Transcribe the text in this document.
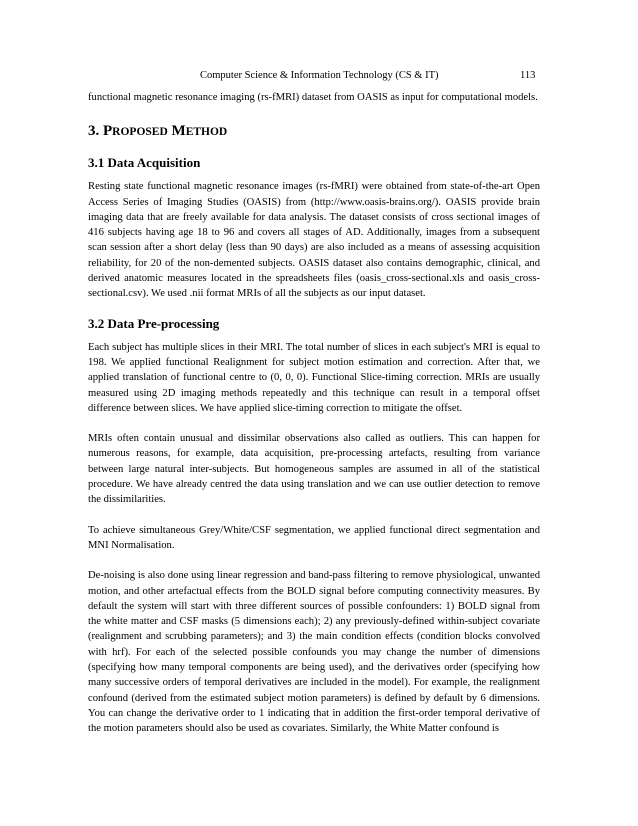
Computer Science & Information Technology (CS & IT)	113

functional magnetic resonance imaging (rs-fMRI) dataset from OASIS as input for computational models.

3. PROPOSED METHOD
3.1 Data Acquisition

Resting state functional magnetic resonance images (rs-fMRI) were obtained from state-of-the-art Open Access Series of Imaging Studies (OASIS) from (http://www.oasis-brains.org/). OASIS provide brain imaging data that are freely available for data analysis. The dataset consists of cross sectional images of 416 subjects having age 18 to 96 and covers all stages of AD. Additionally, images from a subsequent scan session after a short delay (less than 90 days) are also included as a means of assessing acquisition reliability, for 20 of the non-demented subjects. OASIS dataset also contains demographic, clinical, and derived anatomic measures located in the spreadsheets files (oasis_cross-sectional.xls and oasis_cross-sectional.csv). We used .nii format MRIs of all the subjects as our input dataset.

3.2 Data Pre-processing

Each subject has multiple slices in their MRI. The total number of slices in each subject's MRI is equal to 198. We applied functional Realignment for subject motion estimation and correction. After that, we applied translation of functional centre to (0, 0, 0). Functional Slice-timing correction. MRIs are usually measured using 2D imaging methods repeatedly and this technique can result in a temporal offset difference between slices. We have applied slice-timing correction to mitigate the offset.

MRIs often contain unusual and dissimilar observations also called as outliers. This can happen for numerous reasons, for example, data acquisition, pre-processing artefacts, resulting from variance between large natural inter-subjects. But homogeneous samples are assumed in all of the statistical procedure. We have already centred the data using translation and we can use outlier detection to remove the dissimilarities.

To achieve simultaneous Grey/White/CSF segmentation, we applied functional direct segmentation and MNI Normalisation.

De-noising is also done using linear regression and band-pass filtering to remove physiological, unwanted motion, and other artefactual effects from the BOLD signal before computing connectivity measures. By default the system will start with three different sources of possible confounders: 1) BOLD signal from the white matter and CSF masks (5 dimensions each); 2) any previously-defined within-subject covariate (realignment and scrubbing parameters); and 3) the main condition effects (condition blocks convolved with hrf). For each of the selected possible confounds you may change the number of dimensions (specifying how many temporal components are being used), and the derivatives order (specifying how many successive orders of temporal derivatives are included in the model). For example, the realignment confound (derived from the estimated subject motion parameters) is defined by default by 6 dimensions. You can change the derivative order to 1 indicating that in addition the first-order temporal derivative of the motion parameters should also be used as covariates. Similarly, the White Matter confound is
